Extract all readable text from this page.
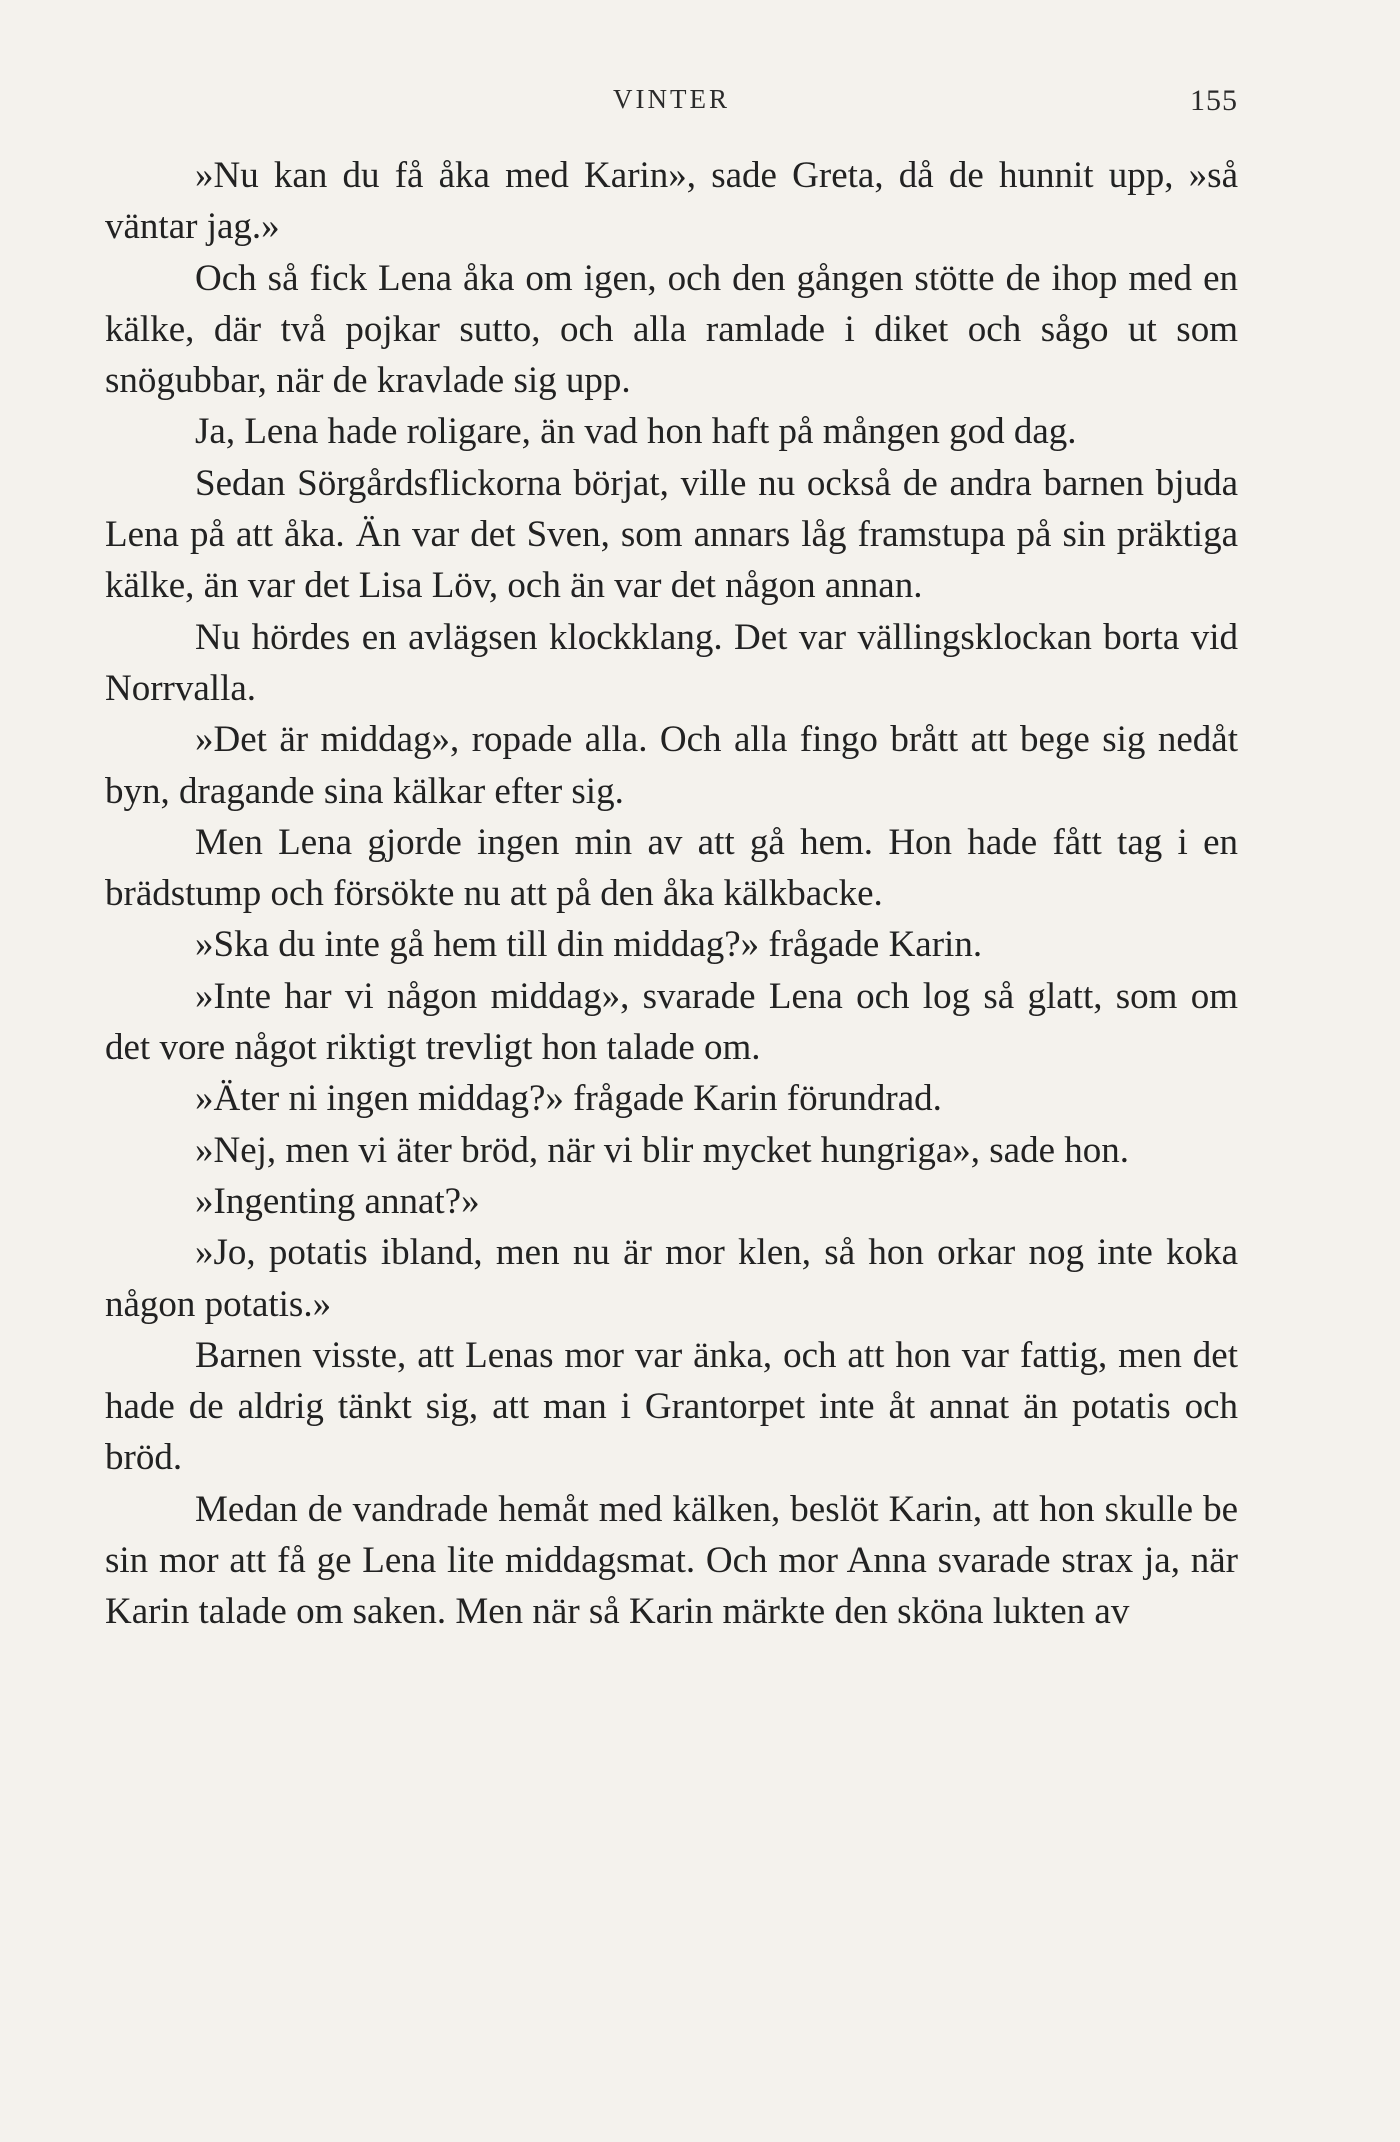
VINTER	155

»Nu kan du få åka med Karin», sade Greta, då de hunnit upp, »så väntar jag.»

Och så fick Lena åka om igen, och den gången stötte de ihop med en kälke, där två pojkar sutto, och alla ramlade i diket och sågo ut som snögubbar, när de kravlade sig upp.

Ja, Lena hade roligare, än vad hon haft på mången god dag.

Sedan Sörgårdsflickorna börjat, ville nu också de andra barnen bjuda Lena på att åka. Än var det Sven, som annars låg framstupa på sin präktiga kälke, än var det Lisa Löv, och än var det någon annan.

Nu hördes en avlägsen klockklang. Det var vällingsklockan borta vid Norrvalla.

»Det är middag», ropade alla. Och alla fingo brått att bege sig nedåt byn, dragande sina kälkar efter sig.

Men Lena gjorde ingen min av att gå hem. Hon hade fått tag i en brädstump och försökte nu att på den åka kälkbacke.

»Ska du inte gå hem till din middag?» frågade Karin.

»Inte har vi någon middag», svarade Lena och log så glatt, som om det vore något riktigt trevligt hon talade om.

»Äter ni ingen middag?» frågade Karin förundrad.

»Nej, men vi äter bröd, när vi blir mycket hungriga», sade hon.

»Ingenting annat?»

»Jo, potatis ibland, men nu är mor klen, så hon orkar nog inte koka någon potatis.»

Barnen visste, att Lenas mor var änka, och att hon var fattig, men det hade de aldrig tänkt sig, att man i Grantorpet inte åt annat än potatis och bröd.

Medan de vandrade hemåt med kälken, beslöt Karin, att hon skulle be sin mor att få ge Lena lite middagsmat. Och mor Anna svarade strax ja, när Karin talade om saken. Men när så Karin märkte den sköna lukten av
